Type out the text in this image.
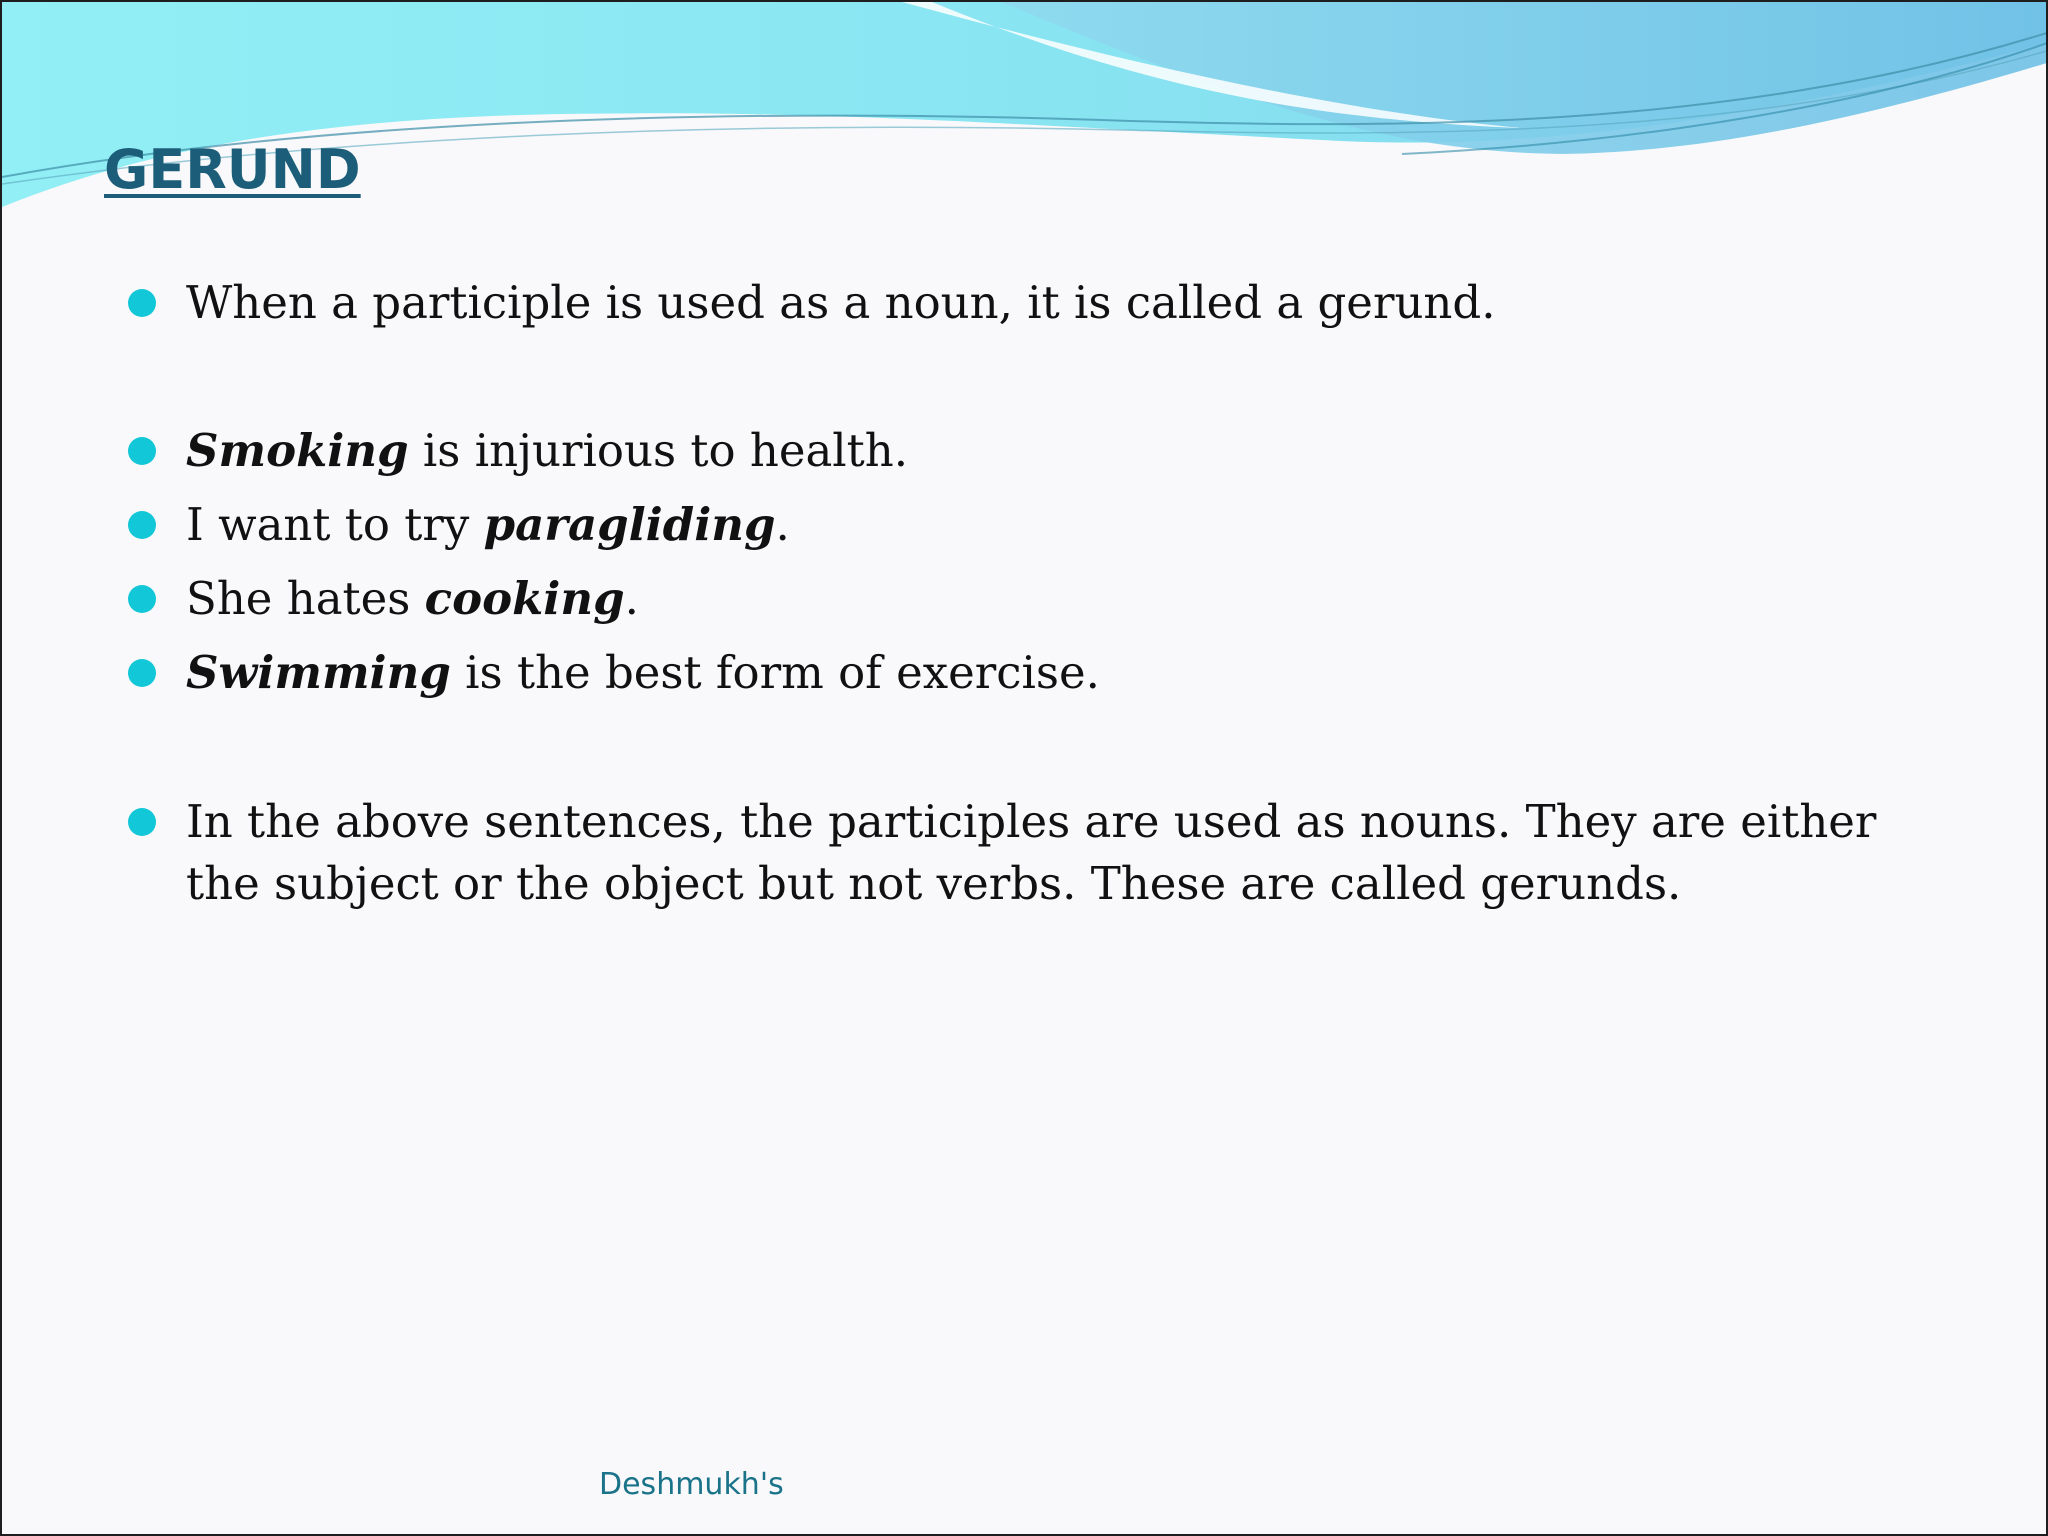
GERUND
When a participle is used as a noun, it is called a gerund.
Smoking is injurious to health.
I want to try paragliding.
She hates cooking.
Swimming is the best form of exercise.
In the above sentences, the participles are used as nouns. They are either the subject or the object but not verbs. These are called gerunds.
Deshmukh's
